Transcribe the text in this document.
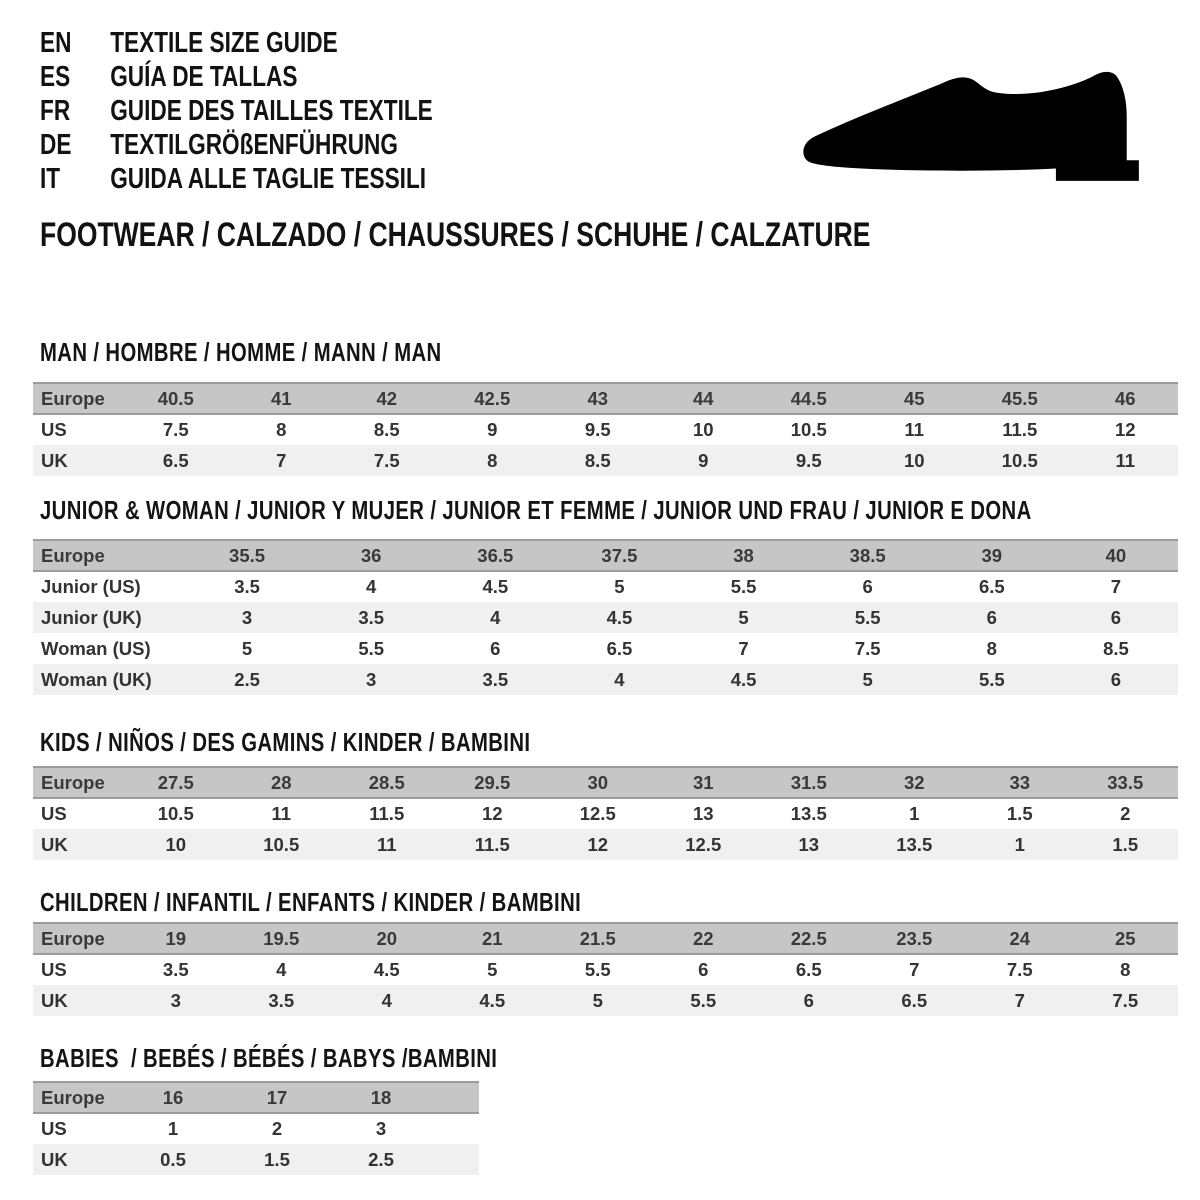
EN	TEXTILE SIZE GUIDE
ES	GUÍA DE TALLAS
FR	GUIDE DES TAILLES TEXTILE
DE	TEXTILGRÖßENFÜHRUNG
IT	GUIDA ALLE TAGLIE TESSILI
FOOTWEAR / CALZADO / CHAUSSURES / SCHUHE / CALZATURE
MAN / HOMBRE / HOMME / MANN / MAN
Europe	40.5	41	42	42.5	43	44	44.5	45	45.5	46
US	7.5	8	8.5	9	9.5	10	10.5	11	11.5	12
UK	6.5	7	7.5	8	8.5	9	9.5	10	10.5	11
JUNIOR & WOMAN / JUNIOR Y MUJER / JUNIOR ET FEMME / JUNIOR UND FRAU / JUNIOR E DONA
Europe	35.5	36	36.5	37.5	38	38.5	39	40
Junior (US)	3.5	4	4.5	5	5.5	6	6.5	7
Junior (UK)	3	3.5	4	4.5	5	5.5	6	6
Woman (US)	5	5.5	6	6.5	7	7.5	8	8.5
Woman (UK)	2.5	3	3.5	4	4.5	5	5.5	6
KIDS / NIÑOS / DES GAMINS / KINDER / BAMBINI
Europe	27.5	28	28.5	29.5	30	31	31.5	32	33	33.5
US	10.5	11	11.5	12	12.5	13	13.5	1	1.5	2
UK	10	10.5	11	11.5	12	12.5	13	13.5	1	1.5
CHILDREN / INFANTIL / ENFANTS / KINDER / BAMBINI
Europe	19	19.5	20	21	21.5	22	22.5	23.5	24	25
US	3.5	4	4.5	5	5.5	6	6.5	7	7.5	8
UK	3	3.5	4	4.5	5	5.5	6	6.5	7	7.5
BABIES  / BEBÉS / BÉBÉS / BABYS /BAMBINI
Europe	16	17	18	
US	1	2	3	
UK	0.5	1.5	2.5	
